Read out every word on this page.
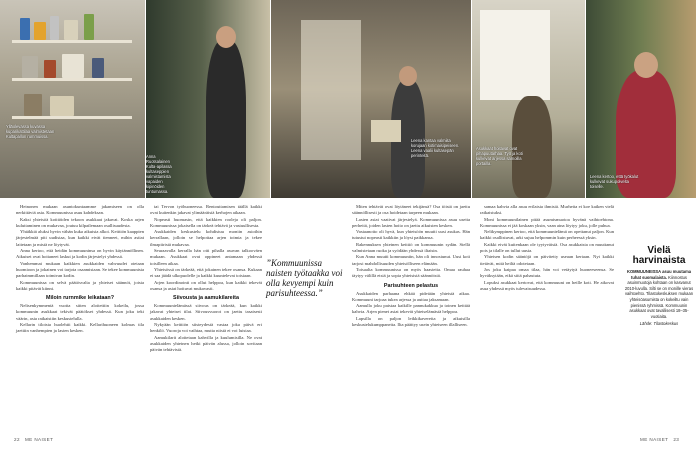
Ylläolevassa kuvassa kuparikattilaa valmistetaan Kultapallon rummuissa.
Anna Ruotsalainen Kulta-apilassa kultaseppien valmistamista vapaiden kipinöiden tuntumassa.
Leena kantaa valmiita korujaan kotimaisipeiseen. Leena vaalii kultasepän perinteitä.
Asukkaat hoitavat ovat pihapuutarhaa. Työ ja koti kulkevat arjessa samoilla portailla.
Leena kertoo, että työkalut kulkevat sukupolvelta toiselle.

Heinonen mukaan asuntokuntaamme jakamiseen on olla nerkittäviä asia. Kommuunissa asuu kahdeksan.

Kaksi yhteisöä kotitöiden tekoon asukkaat jakavat. Koska arjen kuluttaminen on mukavaa, joutuu kilpailemaan osallisuudesta.

Yhtäkkiä aluksi hyvin vähän kuka aikuisia alkoi. Keittiön kaappien järjestelmää piti uudistaa, kun kaikki eivät tienneet, mihin astiat laitetaan ja mistä ne löytyvät.

Anna kertoo, että heidän kommuuninsa on hyvin käytännöllinen. Aikuiset ovat hoitaneet laskut ja kodin järjestelyt yhdessä.

Vanhemmat mukaan kaikkien asukkaiden vahvuudet otetaan huomioon ja jokainen voi tarjota osaamistaan. Se tekee kommuunista parhaimmillaan toimivan kodin.

Kommuunissa on selvä päätösvalta ja yhteiset säännöt, joista kaikki pitävät kiinni.

Miloin rurnmike leikataan?

Nelisenkymmentä vuotta sitten aloitettiin kokeilu, jossa kommuunin asukkaat tekivät päätökset yhdessä. Kun joku teki väärin, asia ratkaistiin keskustelulla.

Kellarin tiloista huolehtii kaikki. Kellarihuoneen kolmas tila jaettiin vanhempien ja lasten kesken.

tai Tervon työhuoneessa. Rentouttamisen täällä kaikki ovat kuitenkin jakavat ylimääräisiä kerhojen aikaan.

Nopeasti huomasin, että kaikkien rooleja oli paljon. Kommuunissa jokaisella on tärkeä tehtävä ja vastuullisesta.

Asukkaiden keskustelu kohdistuu moniin asioihin kerrallaan, jolloin se helpottaa arjen toimia ja tekee ilmapiiristä mukavaa.

Seuraavalla kerralla hän otti pihalla asuvan talkooväen mukaan. Asukkaat ovat oppineet antamaan yhdessä toisilleen aikaa.

Yhteisössä on tärkeää, että jokainen tekee osansa. Kukaan ei saa jäädä ulkopuolelle ja kaikki kuuntelevat toisiaan.

Arjen koordinointi on ollut helppoa, kun kaikki tekevät osansa ja asiat hoituvat mukavasti.

Siivousta ja aamukilareita

Kommuunielämässä siivous on tärkeää, kun kaikki jakavat yhteiset tilat. Siivousvuorot on jaettu tasaisesti asukkaiden kesken.

Nykyään keittiön siisteydestä vastaa joka päivä eri henkilö. Vuoroja voi vaihtaa, mutta niistä ei voi luistaa.

Aamukilarit aloitetaan kahvilla ja kuulumisilla. Ne ovat asukkaiden yhteinen hetki päivän alussa, jolloin sovitaan päivän tehtävistä.

”Kommuunissa naisten työtaakka voi olla kevyempi kuin parisuhteessa.”

Miten tehtävät ovat löytäneet tekijänsä? Osa töistä on jaettu säännöllisesti ja osa hoidetaan tarpeen mukaan.

Lasten asiat vaativat järjestelyä. Kommuunissa asuu useita perheitä, joiden lasten hoito on jaettu aikuisten kesken.

Vastaanotto oli hyvä, kun yhteisöön muutti uusi asukas. Hän tutustui nopeasti kaikkiin ja löysi paikkansa.

Rakennuksen yhteinen keittiö on kommuunin sydän. Siellä valmistetaan ruoka ja syödään yhdessä iltaisin.

Kun Anna muutti kommuuniin, hän oli innostunut. Uusi koti tarjosi mahdollisuuden yhteisölliseen elämään.

Toisaalta kommuunissa on myös haasteita. Omaa rauhaa täytyy välillä etsiä ja sopia yhteisistä säännöistä.

Parisuhteen pelastus

Asukkaiden parhaana ehkää pidetään yhteistä aikaa. Kommuuni tarjoaa tukea arjessa ja auttaa jaksamaan.

Aamulla joku paistaa kaikille pannukakkua ja toinen keittää kahvia. Arjen pienet asiat tekevät yhteiselämästä helppoa.

Lapsilla on paljon leikkikavereita ja aikuisilla keskustelukumppaneita. Ilta päättyy usein yhteiseen illalliseen.

samaa kahvia alla asuu erilaisia ihmisiä. Murheita ei koe kaiken vielä ratkaistuksi.

Moni kommuunilainen pitää asumismuotoa hyvänä vaihtoehtona. Kommuunissa ei jää koskaan yksin, vaan aina löytyy joku, jolle puhua.

Nelikymppinen kertoo, että kommuunielämä on opettanut paljon. Kun kaikki osallistuvat, arki sujuu helpommin kuin perheessä yksin.

Kaikki eivät kuitenkaan ole tyytyväisiä. Osa asukkaista on muuttanut pois ja tilalle on tullut uusia.

Yhteisen kodin sääntöjä on päivitetty useaan kertaan. Nyt kaikki tietävät, mitä heiltä odotetaan.

Jos joku kaipaa omaa tilaa, hän voi vetäytyä huoneeseensa. Se hyväksytään, eikä siitä pahastuta.

Lopuksi asukkaat kertovat, että kommuuni on heille koti. He aikovat asua yhdessä myös tulevaisuudessa.

Vielä harvinaista
KOMMUUNEISSA asuu muutama tuhat suomalaista. Kiinnostus asuinmuotoja kohtaan on kasvanut 2010-luvulla. Silti se on monille vieras vaihtoehto. Tilastokeskuksen mukaan yhteisöasumista on kokeiltu vain pienissä ryhmissä. Kommuunin asukkaat ovat tavallisesti 18–35-vuotiaita.
Lähde: Tilastokeskus
22 ME NAISET	ME NAISET 23
